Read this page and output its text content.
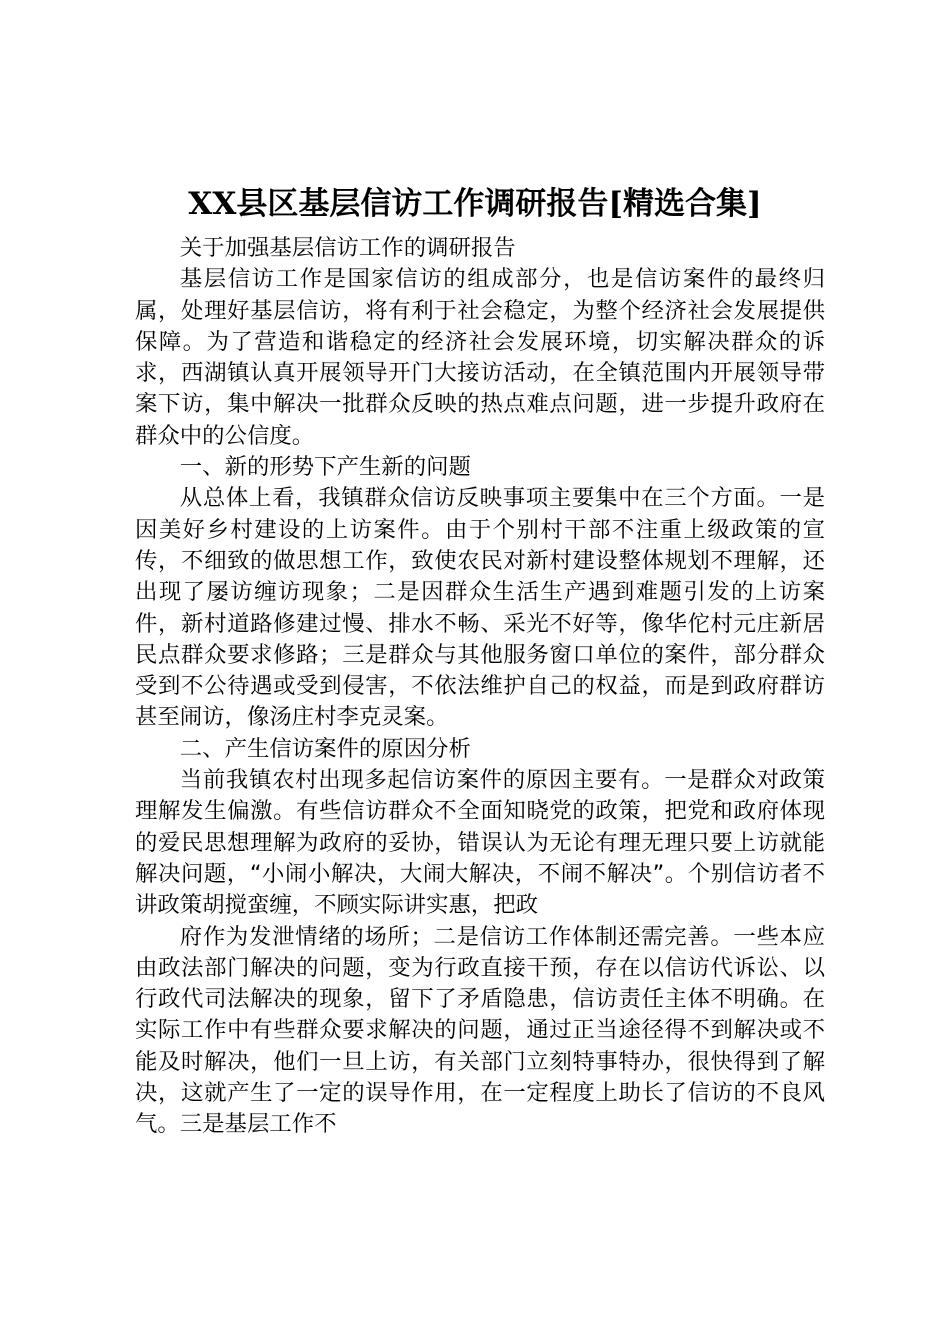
XX县区基层信访工作调研报告[精选合集]

关于加强基层信访工作的调研报告

基层信访工作是国家信访的组成部分，也是信访案件的最终归属，处理好基层信访，将有利于社会稳定，为整个经济社会发展提供保障。为了营造和谐稳定的经济社会发展环境，切实解决群众的诉求，西湖镇认真开展领导开门大接访活动，在全镇范围内开展领导带案下访，集中解决一批群众反映的热点难点问题，进一步提升政府在群众中的公信度。

一、新的形势下产生新的问题

从总体上看，我镇群众信访反映事项主要集中在三个方面。一是因美好乡村建设的上访案件。由于个别村干部不注重上级政策的宣传，不细致的做思想工作，致使农民对新村建设整体规划不理解，还出现了屡访缠访现象；二是因群众生活生产遇到难题引发的上访案件，新村道路修建过慢、排水不畅、采光不好等，像华佗村元庄新居民点群众要求修路；三是群众与其他服务窗口单位的案件，部分群众受到不公待遇或受到侵害，不依法维护自己的权益，而是到政府群访甚至闹访，像汤庄村李克灵案。

二、产生信访案件的原因分析

当前我镇农村出现多起信访案件的原因主要有。一是群众对政策理解发生偏激。有些信访群众不全面知晓党的政策，把党和政府体现的爱民思想理解为政府的妥协，错误认为无论有理无理只要上访就能解决问题，“小闹小解决，大闹大解决，不闹不解决”。个别信访者不讲政策胡搅蛮缠，不顾实际讲实惠，把政

府作为发泄情绪的场所；二是信访工作体制还需完善。一些本应由政法部门解决的问题，变为行政直接干预，存在以信访代诉讼、以行政代司法解决的现象，留下了矛盾隐患，信访责任主体不明确。在实际工作中有些群众要求解决的问题，通过正当途径得不到解决或不能及时解决，他们一旦上访，有关部门立刻特事特办，很快得到了解决，这就产生了一定的误导作用，在一定程度上助长了信访的不良风气。三是基层工作不
